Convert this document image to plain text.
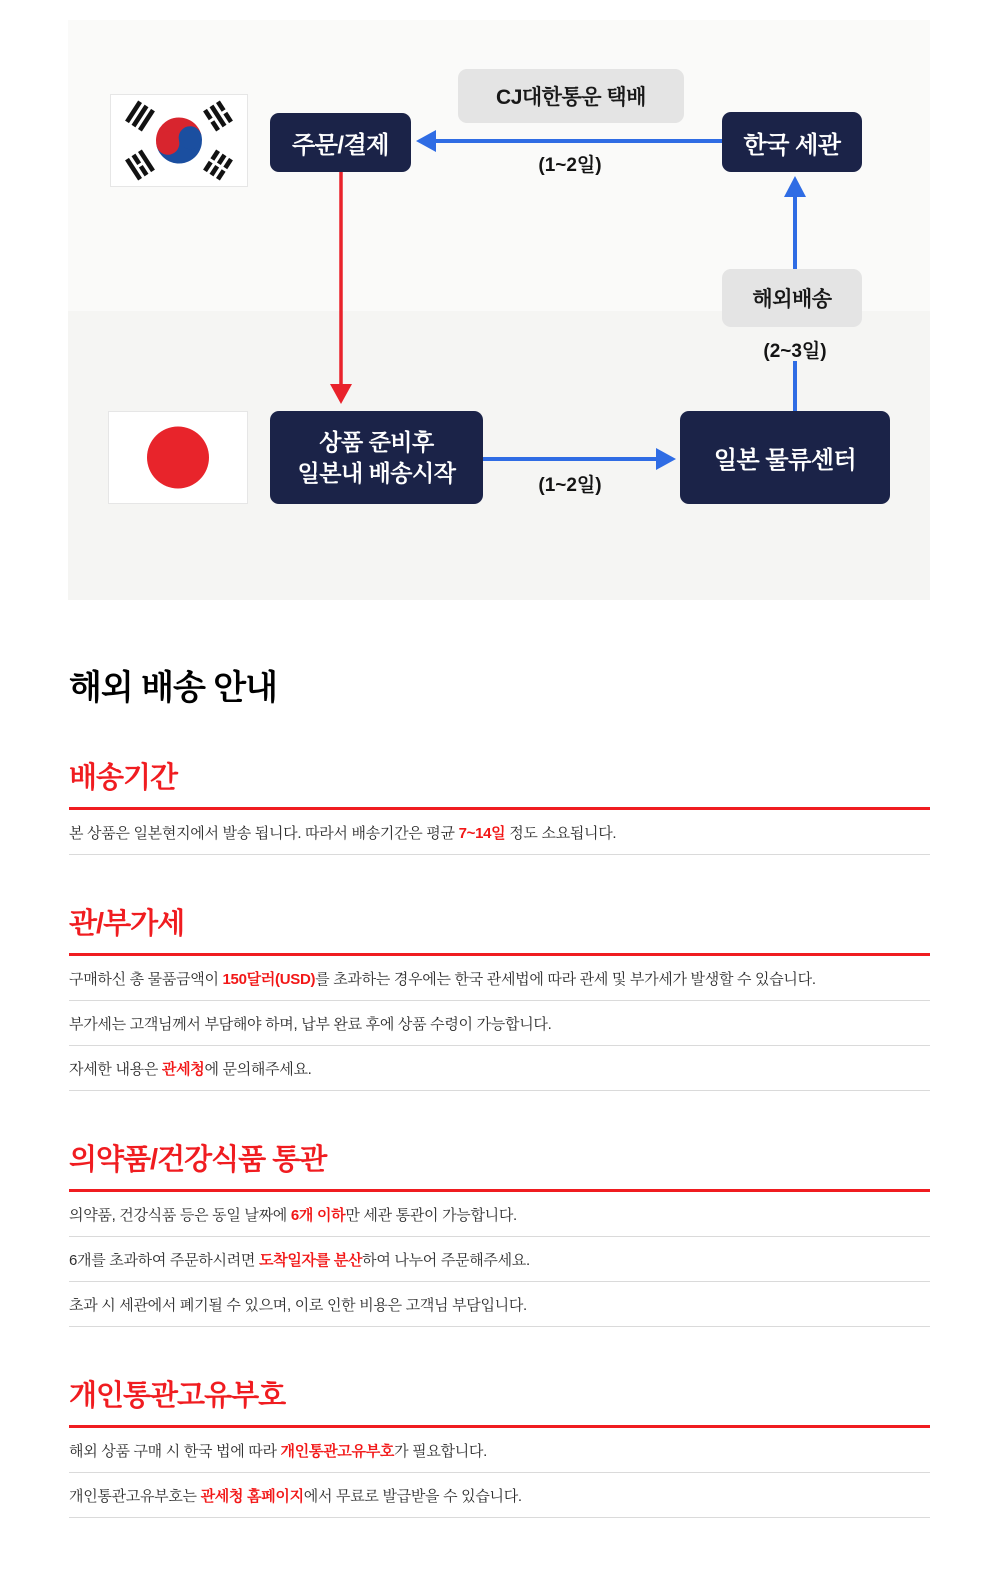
주문/결제
CJ대한통운 택배
한국 세관
(1~2일)
해외배송
(2~3일)
상품 준비후
일본내 배송시작	(1~2일)
일본 물류센터
해외 배송 안내
배송기간

본 상품은 일본현지에서 발송 됩니다. 따라서 배송기간은 평균 7~14일 정도 소요됩니다.

관/부가세

구매하신 총 물품금액이 150달러(USD)를 초과하는 경우에는 한국 관세법에 따라 관세 및 부가세가 발생할 수 있습니다.

부가세는 고객님께서 부담해야 하며, 납부 완료 후에 상품 수령이 가능합니다.

자세한 내용은 관세청에 문의해주세요.

의약품/건강식품 통관

의약품, 건강식품 등은 동일 날짜에 6개 이하만 세관 통관이 가능합니다.

6개를 초과하여 주문하시려면 도착일자를 분산하여 나누어 주문해주세요.

초과 시 세관에서 폐기될 수 있으며, 이로 인한 비용은 고객님 부담입니다.

개인통관고유부호

해외 상품 구매 시 한국 법에 따라 개인통관고유부호가 필요합니다.

개인통관고유부호는 관세청 홈페이지에서 무료로 발급받을 수 있습니다.
